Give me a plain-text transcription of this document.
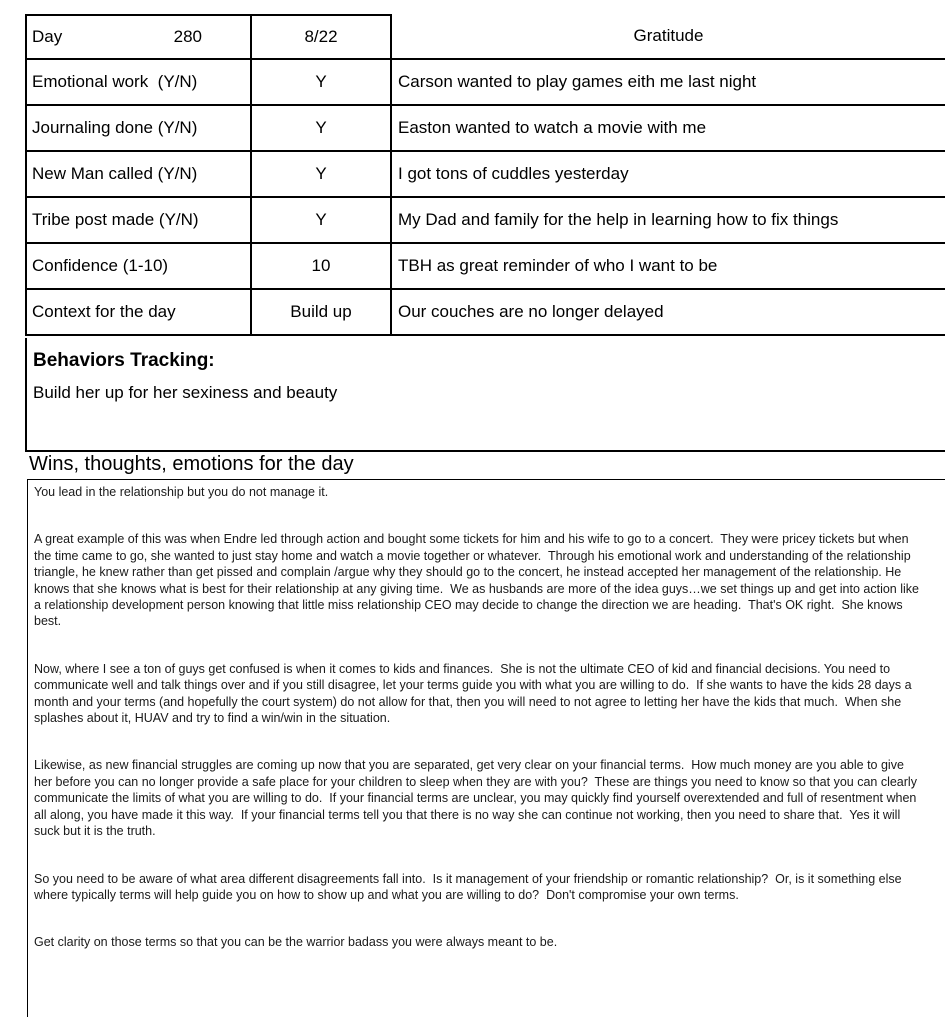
Day	280	8/22	Gratitude
Emotional work  (Y/N)	Y	Carson wanted to play games eith me last night
Journaling done (Y/N)	Y	Easton wanted to watch a movie with me
New Man called (Y/N)	Y	I got tons of cuddles yesterday
Tribe post made (Y/N)	Y	My Dad and family for the help in learning how to fix things
Confidence (1-10)	10	TBH as great reminder of who I want to be
Context for the day	Build up	Our couches are no longer delayed
Behaviors Tracking:
Build her up for her sexiness and beauty
Wins, thoughts, emotions for the day

You lead in the relationship but you do not manage it.

A great example of this was when Endre led through action and bought some tickets for him and his wife to go to a concert.  They were pricey tickets but when the time came to go, she wanted to just stay home and watch a movie together or whatever.  Through his emotional work and understanding of the relationship triangle, he knew rather than get pissed and complain /argue why they should go to the concert, he instead accepted her management of the relationship. He knows that she knows what is best for their relationship at any giving time.  We as husbands are more of the idea guys…we set things up and get into action like a relationship development person knowing that little miss relationship CEO may decide to change the direction we are heading.  That's OK right.  She knows best.

Now, where I see a ton of guys get confused is when it comes to kids and finances.  She is not the ultimate CEO of kid and financial decisions. You need to communicate well and talk things over and if you still disagree, let your terms guide you with what you are willing to do.  If she wants to have the kids 28 days a month and your terms (and hopefully the court system) do not allow for that, then you will need to not agree to letting her have the kids that much.  When she splashes about it, HUAV and try to find a win/win in the situation.

Likewise, as new financial struggles are coming up now that you are separated, get very clear on your financial terms.  How much money are you able to give her before you can no longer provide a safe place for your children to sleep when they are with you?  These are things you need to know so that you can clearly communicate the limits of what you are willing to do.  If your financial terms are unclear, you may quickly find yourself overextended and full of resentment when all along, you have made it this way.  If your financial terms tell you that there is no way she can continue not working, then you need to share that.  Yes it will suck but it is the truth.

So you need to be aware of what area different disagreements fall into.  Is it management of your friendship or romantic relationship?  Or, is it something else where typically terms will help guide you on how to show up and what you are willing to do?  Don't compromise your own terms.

Get clarity on those terms so that you can be the warrior badass you were always meant to be.
